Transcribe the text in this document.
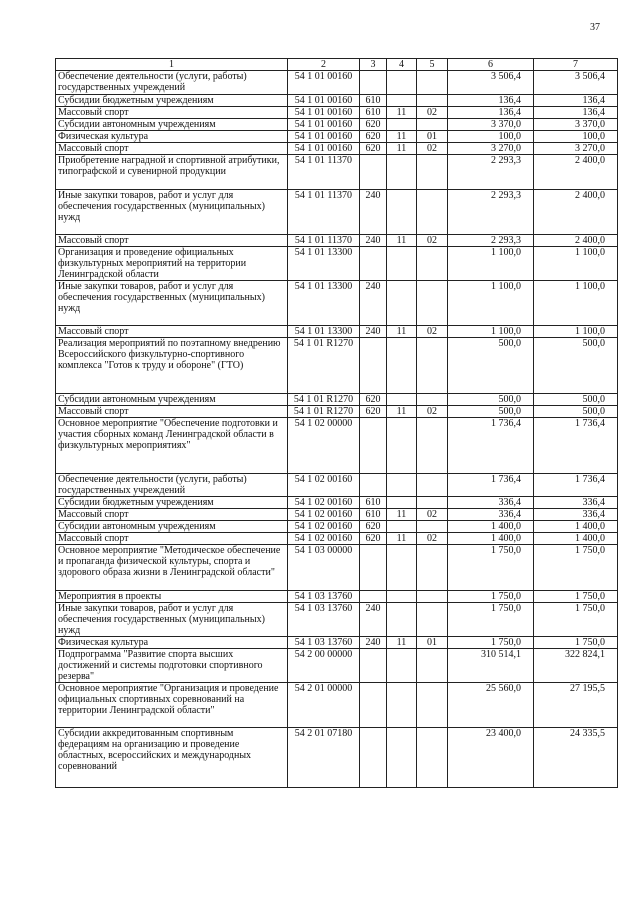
37
1	2	3	4	5	6	7
Обеспечение деятельности (услуги, работы) государственных учреждений	54 1 01 00160				3 506,4	3 506,4
Субсидии бюджетным учреждениям	54 1 01 00160	610			136,4	136,4
Массовый спорт	54 1 01 00160	610	11	02	136,4	136,4
Субсидии автономным учреждениям	54 1 01 00160	620			3 370,0	3 370,0
Физическая культура	54 1 01 00160	620	11	01	100,0	100,0
Массовый спорт	54 1 01 00160	620	11	02	3 270,0	3 270,0
Приобретение наградной и спортивной атрибутики, типографской и сувенирной продукции	54 1 01 11370				2 293,3	2 400,0
Иные закупки товаров, работ и услуг для обеспечения государственных (муниципальных) нужд	54 1 01 11370	240			2 293,3	2 400,0
Массовый спорт	54 1 01 11370	240	11	02	2 293,3	2 400,0
Организация и проведение официальных физкультурных мероприятий на территории Ленинградской области	54 1 01 13300				1 100,0	1 100,0
Иные закупки товаров, работ и услуг для обеспечения государственных (муниципальных) нужд	54 1 01 13300	240			1 100,0	1 100,0
Массовый спорт	54 1 01 13300	240	11	02	1 100,0	1 100,0
Реализация мероприятий по поэтапному внедрению Всероссийского физкультурно-спортивного комплекса "Готов к труду и обороне" (ГТО)	54 1 01 R1270				500,0	500,0
Субсидии автономным учреждениям	54 1 01 R1270	620			500,0	500,0
Массовый спорт	54 1 01 R1270	620	11	02	500,0	500,0
Основное мероприятие "Обеспечение подготовки и участия сборных команд Ленинградской области в физкультурных мероприятиях"	54 1 02 00000				1 736,4	1 736,4
Обеспечение деятельности (услуги, работы) государственных учреждений	54 1 02 00160				1 736,4	1 736,4
Субсидии бюджетным учреждениям	54 1 02 00160	610			336,4	336,4
Массовый спорт	54 1 02 00160	610	11	02	336,4	336,4
Субсидии автономным учреждениям	54 1 02 00160	620			1 400,0	1 400,0
Массовый спорт	54 1 02 00160	620	11	02	1 400,0	1 400,0
Основное мероприятие "Методическое обеспечение и пропаганда физической культуры, спорта и здорового образа жизни в Ленинградской области"	54 1 03 00000				1 750,0	1 750,0
Мероприятия в проекты	54 1 03 13760				1 750,0	1 750,0
Иные закупки товаров, работ и услуг для обеспечения государственных (муниципальных) нужд	54 1 03 13760	240			1 750,0	1 750,0
Физическая культура	54 1 03 13760	240	11	01	1 750,0	1 750,0
Подпрограмма "Развитие спорта высших достижений и системы подготовки спортивного резерва"	54 2 00 00000				310 514,1	322 824,1
Основное мероприятие "Организация и проведение официальных спортивных соревнований на территории Ленинградской области"	54 2 01 00000				25 560,0	27 195,5
Субсидии аккредитованным спортивным федерациям на организацию и проведение областных, всероссийских и международных соревнований	54 2 01 07180				23 400,0	24 335,5
